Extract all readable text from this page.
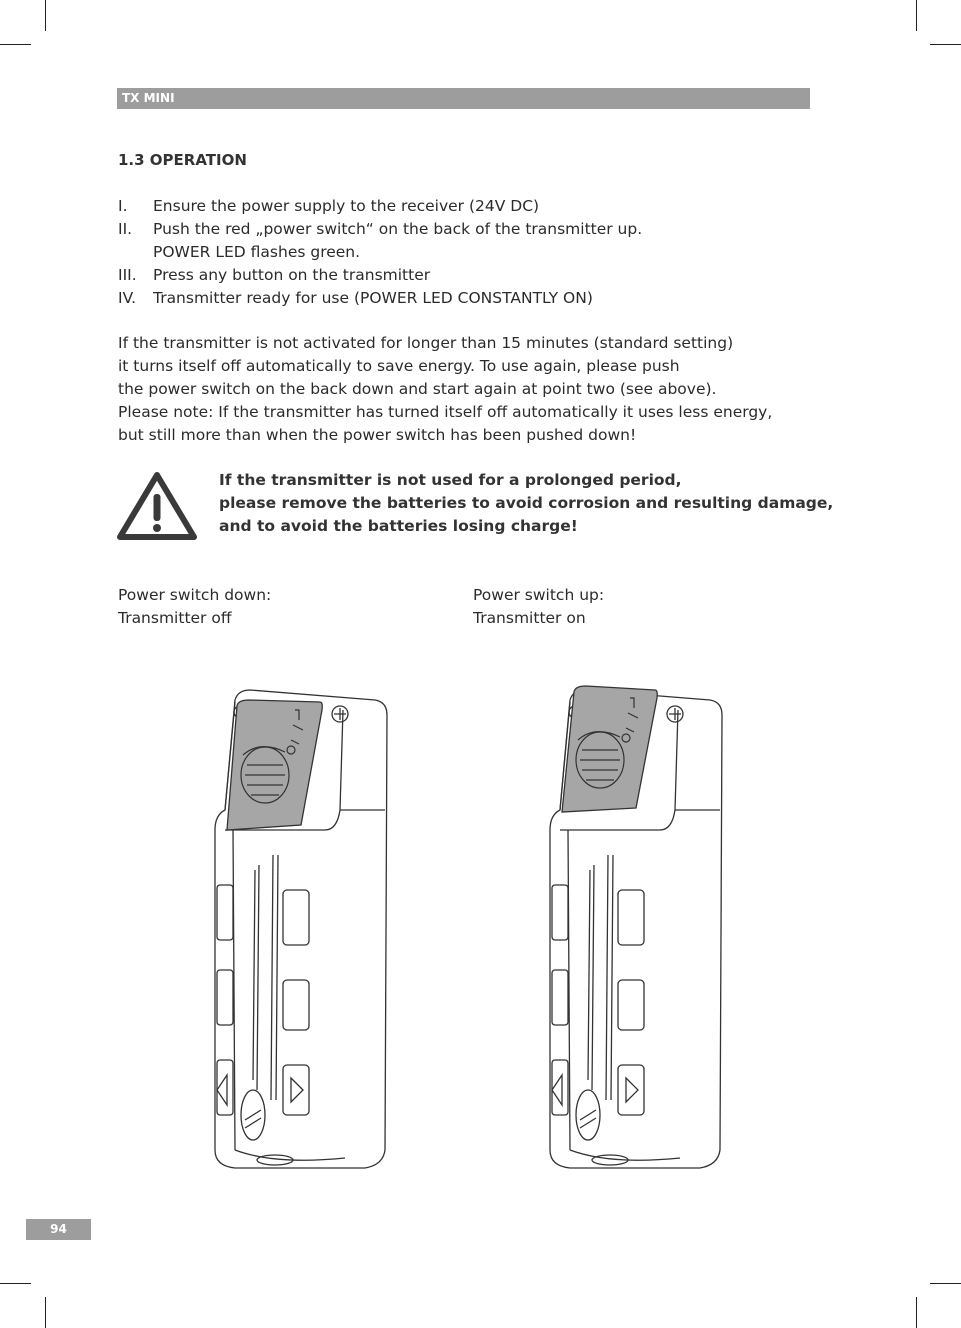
TX MINI
1.3 OPERATION
I.	Ensure the power supply to the receiver (24V DC)
II.	Push the red „power switch“ on the back of the transmitter up.
POWER LED flashes green.
III.	Press any button on the transmitter
IV.	Transmitter ready for use (POWER LED CONSTANTLY ON)
If the transmitter is not activated for longer than 15 minutes (standard setting)
it turns itself off automatically to save energy. To use again, please push
the power switch on the back down and start again at point two (see above).
Please note: If the transmitter has turned itself off automatically it uses less energy,
but still more than when the power switch has been pushed down!
If the transmitter is not used for a prolonged period,
please remove the batteries to avoid corrosion and resulting damage,
and to avoid the batteries losing charge!
Power switch down:
Transmitter off
Power switch up:
Transmitter on
94
